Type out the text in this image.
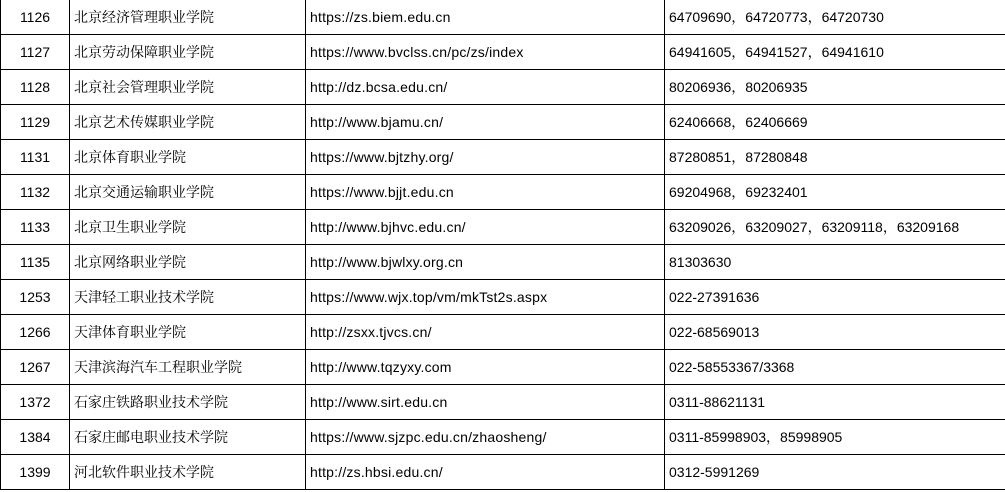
1126	北京经济管理职业学院	https://zs.biem.edu.cn	64709690，64720773，64720730
1127	北京劳动保障职业学院	https://www.bvclss.cn/pc/zs/index	64941605，64941527，64941610
1128	北京社会管理职业学院	http://dz.bcsa.edu.cn/	80206936，80206935
1129	北京艺术传媒职业学院	http://www.bjamu.cn/	62406668，62406669
1131	北京体育职业学院	https://www.bjtzhy.org/	87280851，87280848
1132	北京交通运输职业学院	https://www.bjjt.edu.cn	69204968，69232401
1133	北京卫生职业学院	http://www.bjhvc.edu.cn/	63209026，63209027，63209118，63209168
1135	北京网络职业学院	http://www.bjwlxy.org.cn	81303630
1253	天津轻工职业技术学院	https://www.wjx.top/vm/mkTst2s.aspx	022-27391636
1266	天津体育职业学院	http://zsxx.tjvcs.cn/	022-68569013
1267	天津滨海汽车工程职业学院	http://www.tqzyxy.com	022-58553367/3368
1372	石家庄铁路职业技术学院	http://www.sirt.edu.cn	0311-88621131
1384	石家庄邮电职业技术学院	https://www.sjzpc.edu.cn/zhaosheng/	0311-85998903，85998905
1399	河北软件职业技术学院	http://zs.hbsi.edu.cn/	0312-5991269
